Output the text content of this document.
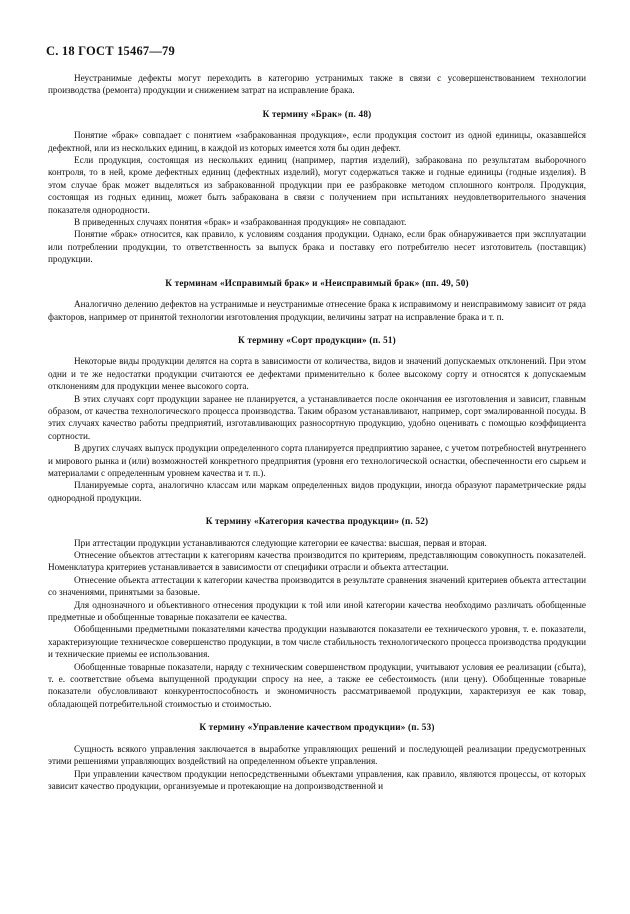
С. 18 ГОСТ 15467—79

Неустранимые дефекты могут переходить в категорию устранимых также в связи с усовершенствованием технологии производства (ремонта) продукции и снижением затрат на исправление брака.

К термину «Брак» (п. 48)

Понятие «брак» совпадает с понятием «забракованная продукция», если продукция состоит из одной единицы, оказавшейся дефектной, или из нескольких единиц, в каждой из которых имеется хотя бы один дефект.

Если продукция, состоящая из нескольких единиц (например, партия изделий), забракована по результатам выборочного контроля, то в ней, кроме дефектных единиц (дефектных изделий), могут содержаться также и годные единицы (годные изделия). В этом случае брак может выделяться из забракованной продукции при ее разбраковке методом сплошного контроля. Продукция, состоящая из годных единиц, может быть забракована в связи с получением при испытаниях неудовлетворительного значения показателя однородности.

В приведенных случаях понятия «брак» и «забракованная продукция» не совпадают.

Понятие «брак» относится, как правило, к условиям создания продукции. Однако, если брак обнаруживается при эксплуатации или потреблении продукции, то ответственность за выпуск брака и поставку его потребителю несет изготовитель (поставщик) продукции.

К терминам «Исправимый брак» и «Неисправимый брак» (пп. 49, 50)

Аналогично делению дефектов на устранимые и неустранимые отнесение брака к исправимому и неисправимому зависит от ряда факторов, например от принятой технологии изготовления продукции, величины затрат на исправление брака и т. п.

К термину «Сорт продукции» (п. 51)

Некоторые виды продукции делятся на сорта в зависимости от количества, видов и значений допускаемых отклонений. При этом одни и те же недостатки продукции считаются ее дефектами применительно к более высокому сорту и относятся к допускаемым отклонениям для продукции менее высокого сорта.

В этих случаях сорт продукции заранее не планируется, а устанавливается после окончания ее изготовления и зависит, главным образом, от качества технологического процесса производства. Таким образом устанавливают, например, сорт эмалированной посуды. В этих случаях качество работы предприятий, изготавливающих разносортную продукцию, удобно оценивать с помощью коэффициента сортности.

В других случаях выпуск продукции определенного сорта планируется предприятию заранее, с учетом потребностей внутреннего и мирового рынка и (или) возможностей конкретного предприятия (уровня его технологической оснастки, обеспеченности его сырьем и материалами с определенным уровнем качества и т. п.).

Планируемые сорта, аналогично классам или маркам определенных видов продукции, иногда образуют параметрические ряды однородной продукции.

К термину «Категория качества продукции» (п. 52)

При аттестации продукции устанавливаются следующие категории ее качества: высшая, первая и вторая.

Отнесение объектов аттестации к категориям качества производится по критериям, представляющим совокупность показателей. Номенклатура критериев устанавливается в зависимости от специфики отрасли и объекта аттестации.

Отнесение объекта аттестации к категории качества производится в результате сравнения значений критериев объекта аттестации со значениями, принятыми за базовые.

Для однозначного и объективного отнесения продукции к той или иной категории качества необходимо различать обобщенные предметные и обобщенные товарные показатели ее качества.

Обобщенными предметными показателями качества продукции называются показатели ее технического уровня, т. е. показатели, характеризующие техническое совершенство продукции, в том числе стабильность технологического процесса производства продукции и технические приемы ее использования.

Обобщенные товарные показатели, наряду с техническим совершенством продукции, учитывают условия ее реализации (сбыта), т. е. соответствие объема выпущенной продукции спросу на нее, а также ее себестоимость (или цену). Обобщенные товарные показатели обусловливают конкурентоспособность и экономичность рассматриваемой продукции, характеризуя ее как товар, обладающей потребительной стоимостью и стоимостью.

К термину «Управление качеством продукции» (п. 53)

Сущность всякого управления заключается в выработке управляющих решений и последующей реализации предусмотренных этими решениями управляющих воздействий на определенном объекте управления.

При управлении качеством продукции непосредственными объектами управления, как правило, являются процессы, от которых зависит качество продукции, организуемые и протекающие на допроизводственной и
